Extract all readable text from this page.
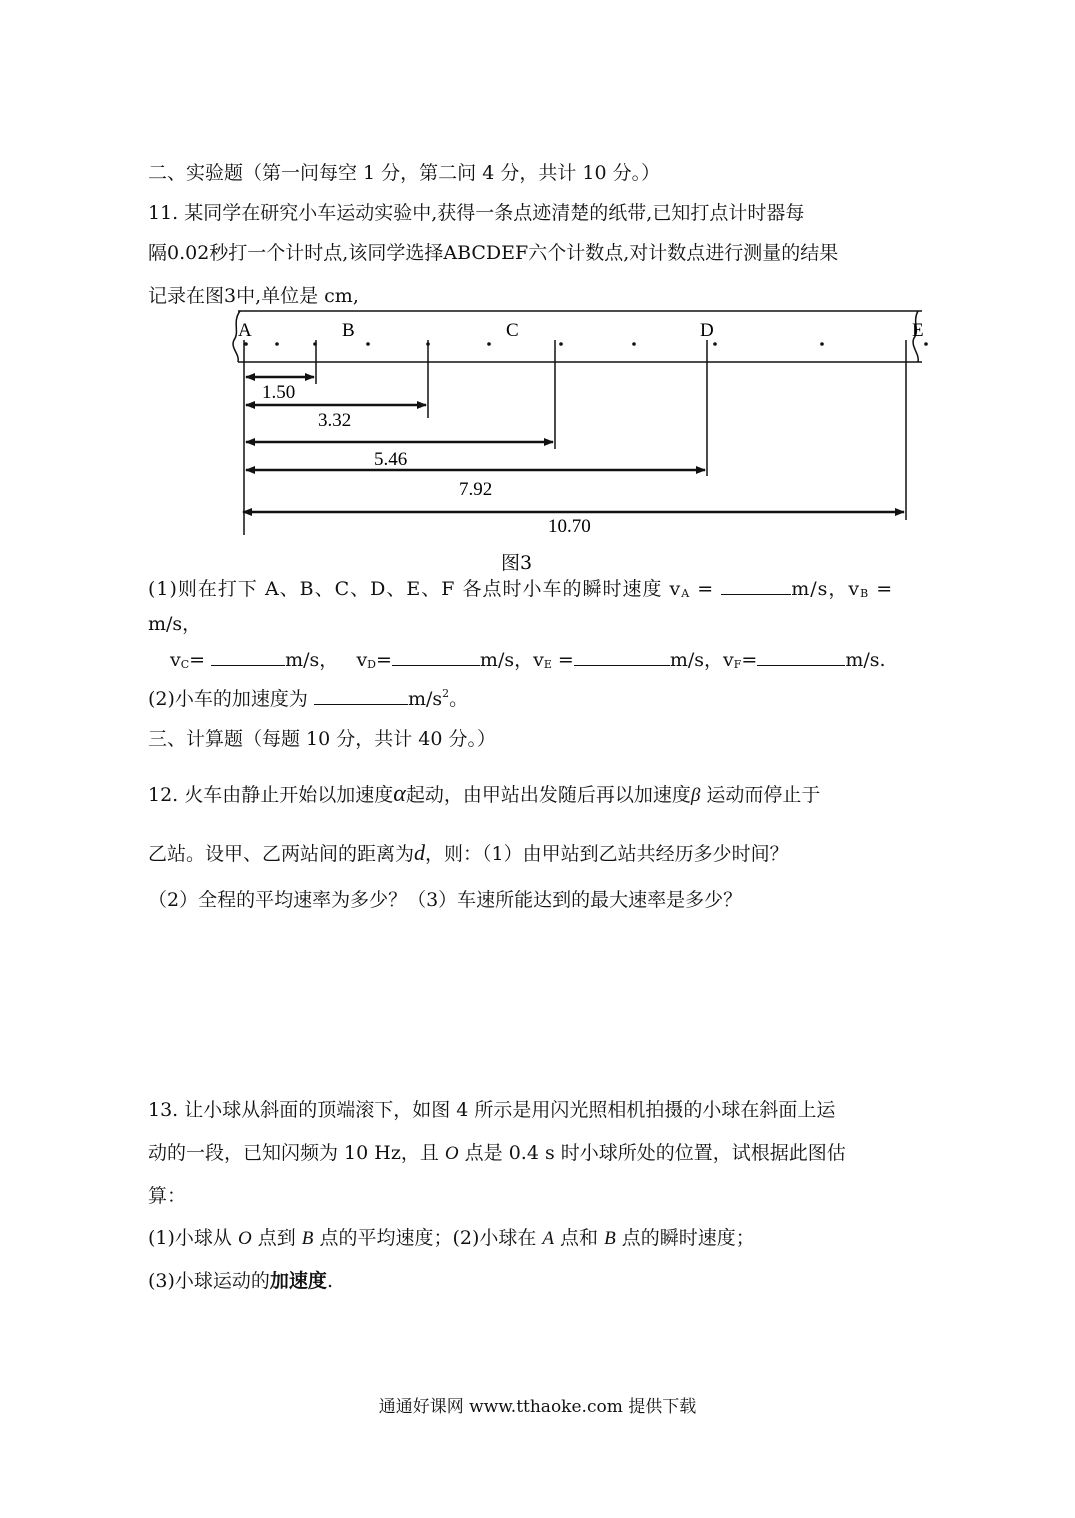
二、实验题（第一问每空 1 分，第二问 4 分，共计 10 分。）
11. 某同学在研究小车运动实验中,获得一条点迹清楚的纸带,已知打点计时器每
隔0.02秒打一个计时点,该同学选择ABCDEF六个计数点,对计数点进行测量的结果
记录在图3中,单位是 cm,
A	B	C	D	E
1.50
3.32
5.46
7.92
10.70
图3
(1)则在打下 A、B、C、D、E、F 各点时小车的瞬时速度 vA =	m/s，vB =
m/s，
vC=	m/s， vD=	m/s，vE =	m/s，vF=	m/s.
(2)小车的加速度为	$m/s^2$。
三、计算题（每题 10 分，共计 40 分。）
12. 火车由静止开始以加速度α起动，由甲站出发随后再以加速度β 运动而停止于
乙站。设甲、乙两站间的距离为d，则：（1）由甲站到乙站共经历多少时间？
（2）全程的平均速率为多少？（3）车速所能达到的最大速率是多少？
13. 让小球从斜面的顶端滚下，如图 4 所示是用闪光照相机拍摄的小球在斜面上运
动的一段，已知闪频为 10 Hz，且 O 点是 0.4 s 时小球所处的位置，试根据此图估
算：
(1)小球从 O 点到 B 点的平均速度；(2)小球在 A 点和 B 点的瞬时速度；
(3)小球运动的加速度.
通通好课网 www.tthaoke.com 提供下载
